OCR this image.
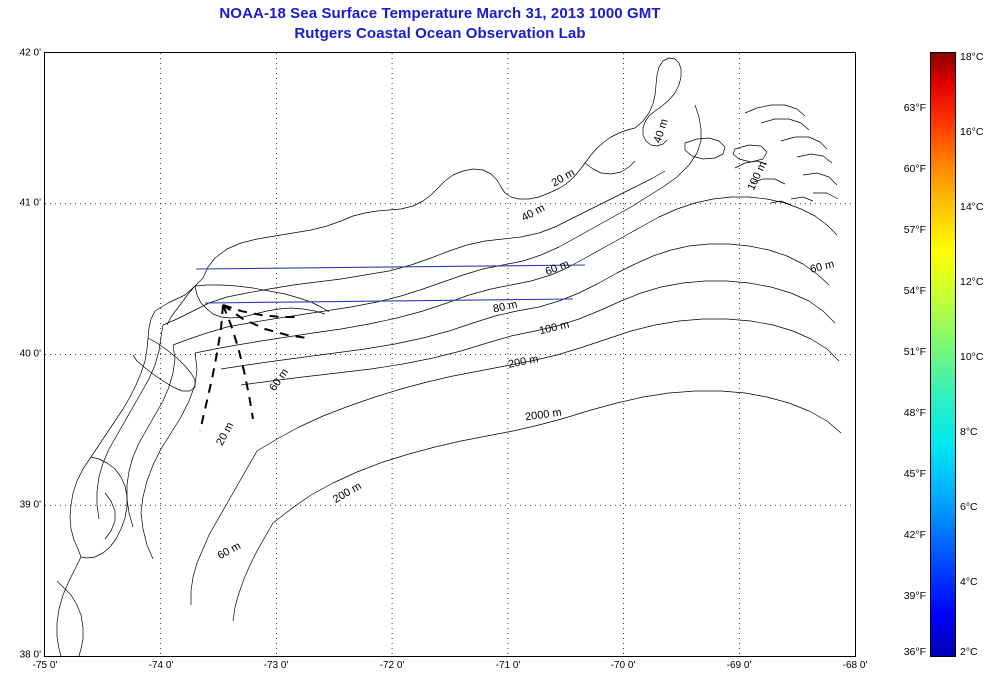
NOAA-18 Sea Surface Temperature March 31, 2013 1000 GMT
Rutgers Coastal Ocean Observation Lab
42 0'
41 0'
40 0'
39 0'
38 0'
-75 0'	-74 0'	-73 0'	-72 0'	-71 0'	-70 0'	-69 0'	-68 0'
20 m
20 m
40 m
40 m
60 m
60 m
60 m	60 m
80 m
100 m
100 m
200 m
200 m
2000 m
18°C
16°C
14°C
12°C
10°C
8°C
6°C
4°C
2°C
63°F
60°F
57°F
54°F
51°F
48°F
45°F
42°F
39°F
36°F
